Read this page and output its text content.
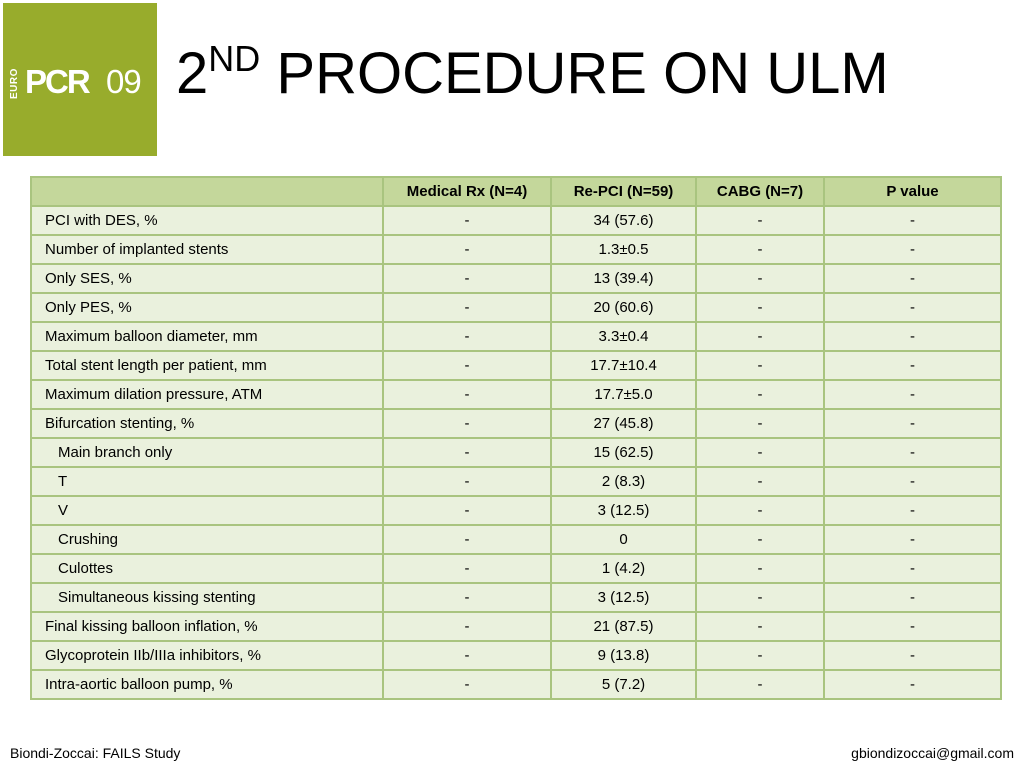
EURO PCR 09 2ND PROCEDURE ON ULM
	Medical Rx (N=4)	Re-PCI (N=59)	CABG (N=7)	P value
PCI with DES, %	-	34 (57.6)	-	-
Number of implanted stents	-	1.3±0.5	-	-
Only SES, %	-	13 (39.4)	-	-
Only PES, %	-	20 (60.6)	-	-
Maximum balloon diameter, mm	-	3.3±0.4	-	-
Total stent length per patient, mm	-	17.7±10.4	-	-
Maximum dilation pressure, ATM	-	17.7±5.0	-	-
Bifurcation stenting, %	-	27 (45.8)	-	-
Main branch only	-	15 (62.5)	-	-
T	-	2 (8.3)	-	-
V	-	3 (12.5)	-	-
Crushing	-	0	-	-
Culottes	-	1 (4.2)	-	-
Simultaneous kissing stenting	-	3 (12.5)	-	-
Final kissing balloon inflation, %	-	21 (87.5)	-	-
Glycoprotein IIb/IIIa inhibitors, %	-	9 (13.8)	-	-
Intra-aortic balloon pump, %	-	5 (7.2)	-	-
Biondi-Zoccai: FAILS Study	gbiondizoccai@gmail.com
